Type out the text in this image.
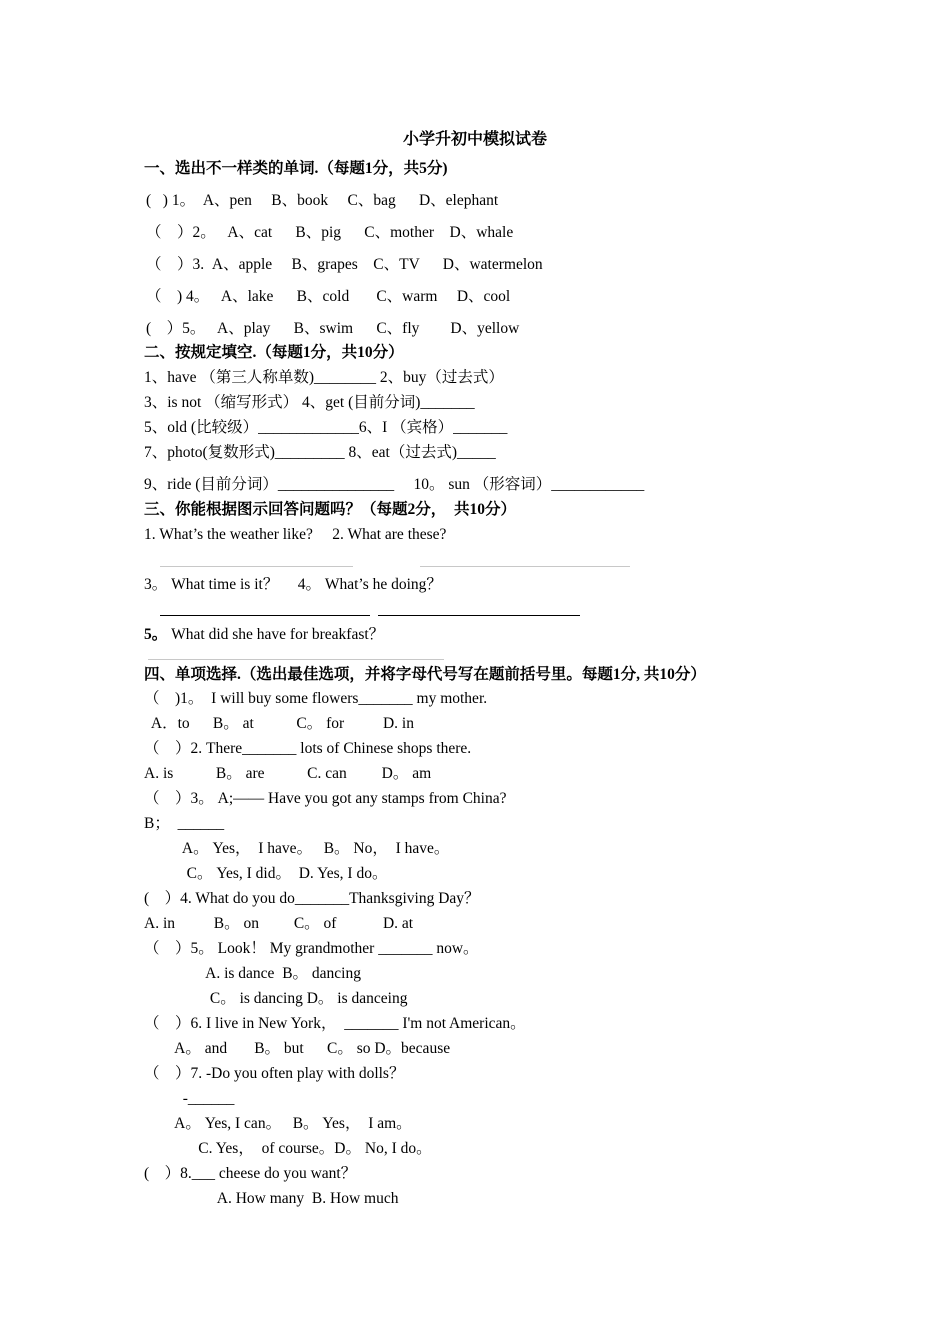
小学升初中模拟试卷
一、选出不一样类的单词.（每题1分，共5分)
(   ) 1。  A、pen     B、book     C、bag      D、elephant
（    ）2。   A、cat      B、pig      C、mother    D、whale
（    ）3.  A、apple     B、grapes    C、TV      D、watermelon
（    ) 4。   A、lake      B、cold       C、warm     D、cool
(    ）5。   A、play      B、swim      C、fly        D、yellow
二、按规定填空.（每题1分，共10分）
1、have （第三人称单数)________ 2、buy（过去式）
3、is not （缩写形式） 4、get (目前分词)_______
5、old (比较级）_____________6、I （宾格）_______
7、photo(复数形式)_________ 8、eat（过去式)_____
9、ride (目前分词）_______________     10。 sun （形容词）____________
三、你能根据图示回答问题吗？（每题2分，  共10分）
1. What’s the weather like?     2. What are these?
3。 What time is it？     4。 What’s he doing？
5。 What did she have for breakfast？
四、单项选择.（选出最佳选项，并将字母代号写在题前括号里。每题1分, 共10分）
（    )1。  I will buy some flowers_______ my mother.
A．to      B。 at           C。 for          D. in
（    ）2. There_______ lots of Chinese shops there.
A. is           B。 are           C. can         D。 am
（    ）3。 A;—— Have you got any stamps from China?
B；  ______
A。 Yes，  I have。   B。 No，  I have。
C。 Yes, I did。  D. Yes, I do。
(    ）4. What do you do_______Thanksgiving Day？
A. in          B。 on         C。 of            D. at
（    ）5。 Look！ My grandmother _______ now。
A. is dance  B。 dancing
C。 is dancing D。 is danceing
（    ）6. I live in New York，  _______ I'm not American。
A。 and       B。 but      C。 so D。because
（    ）7. -Do you often play with dolls？
-______
A。 Yes, I can。   B。 Yes，  I am。
C. Yes，  of course。D。 No, I do。
(    ）8.___ cheese do you want？
A. How many  B. How much
